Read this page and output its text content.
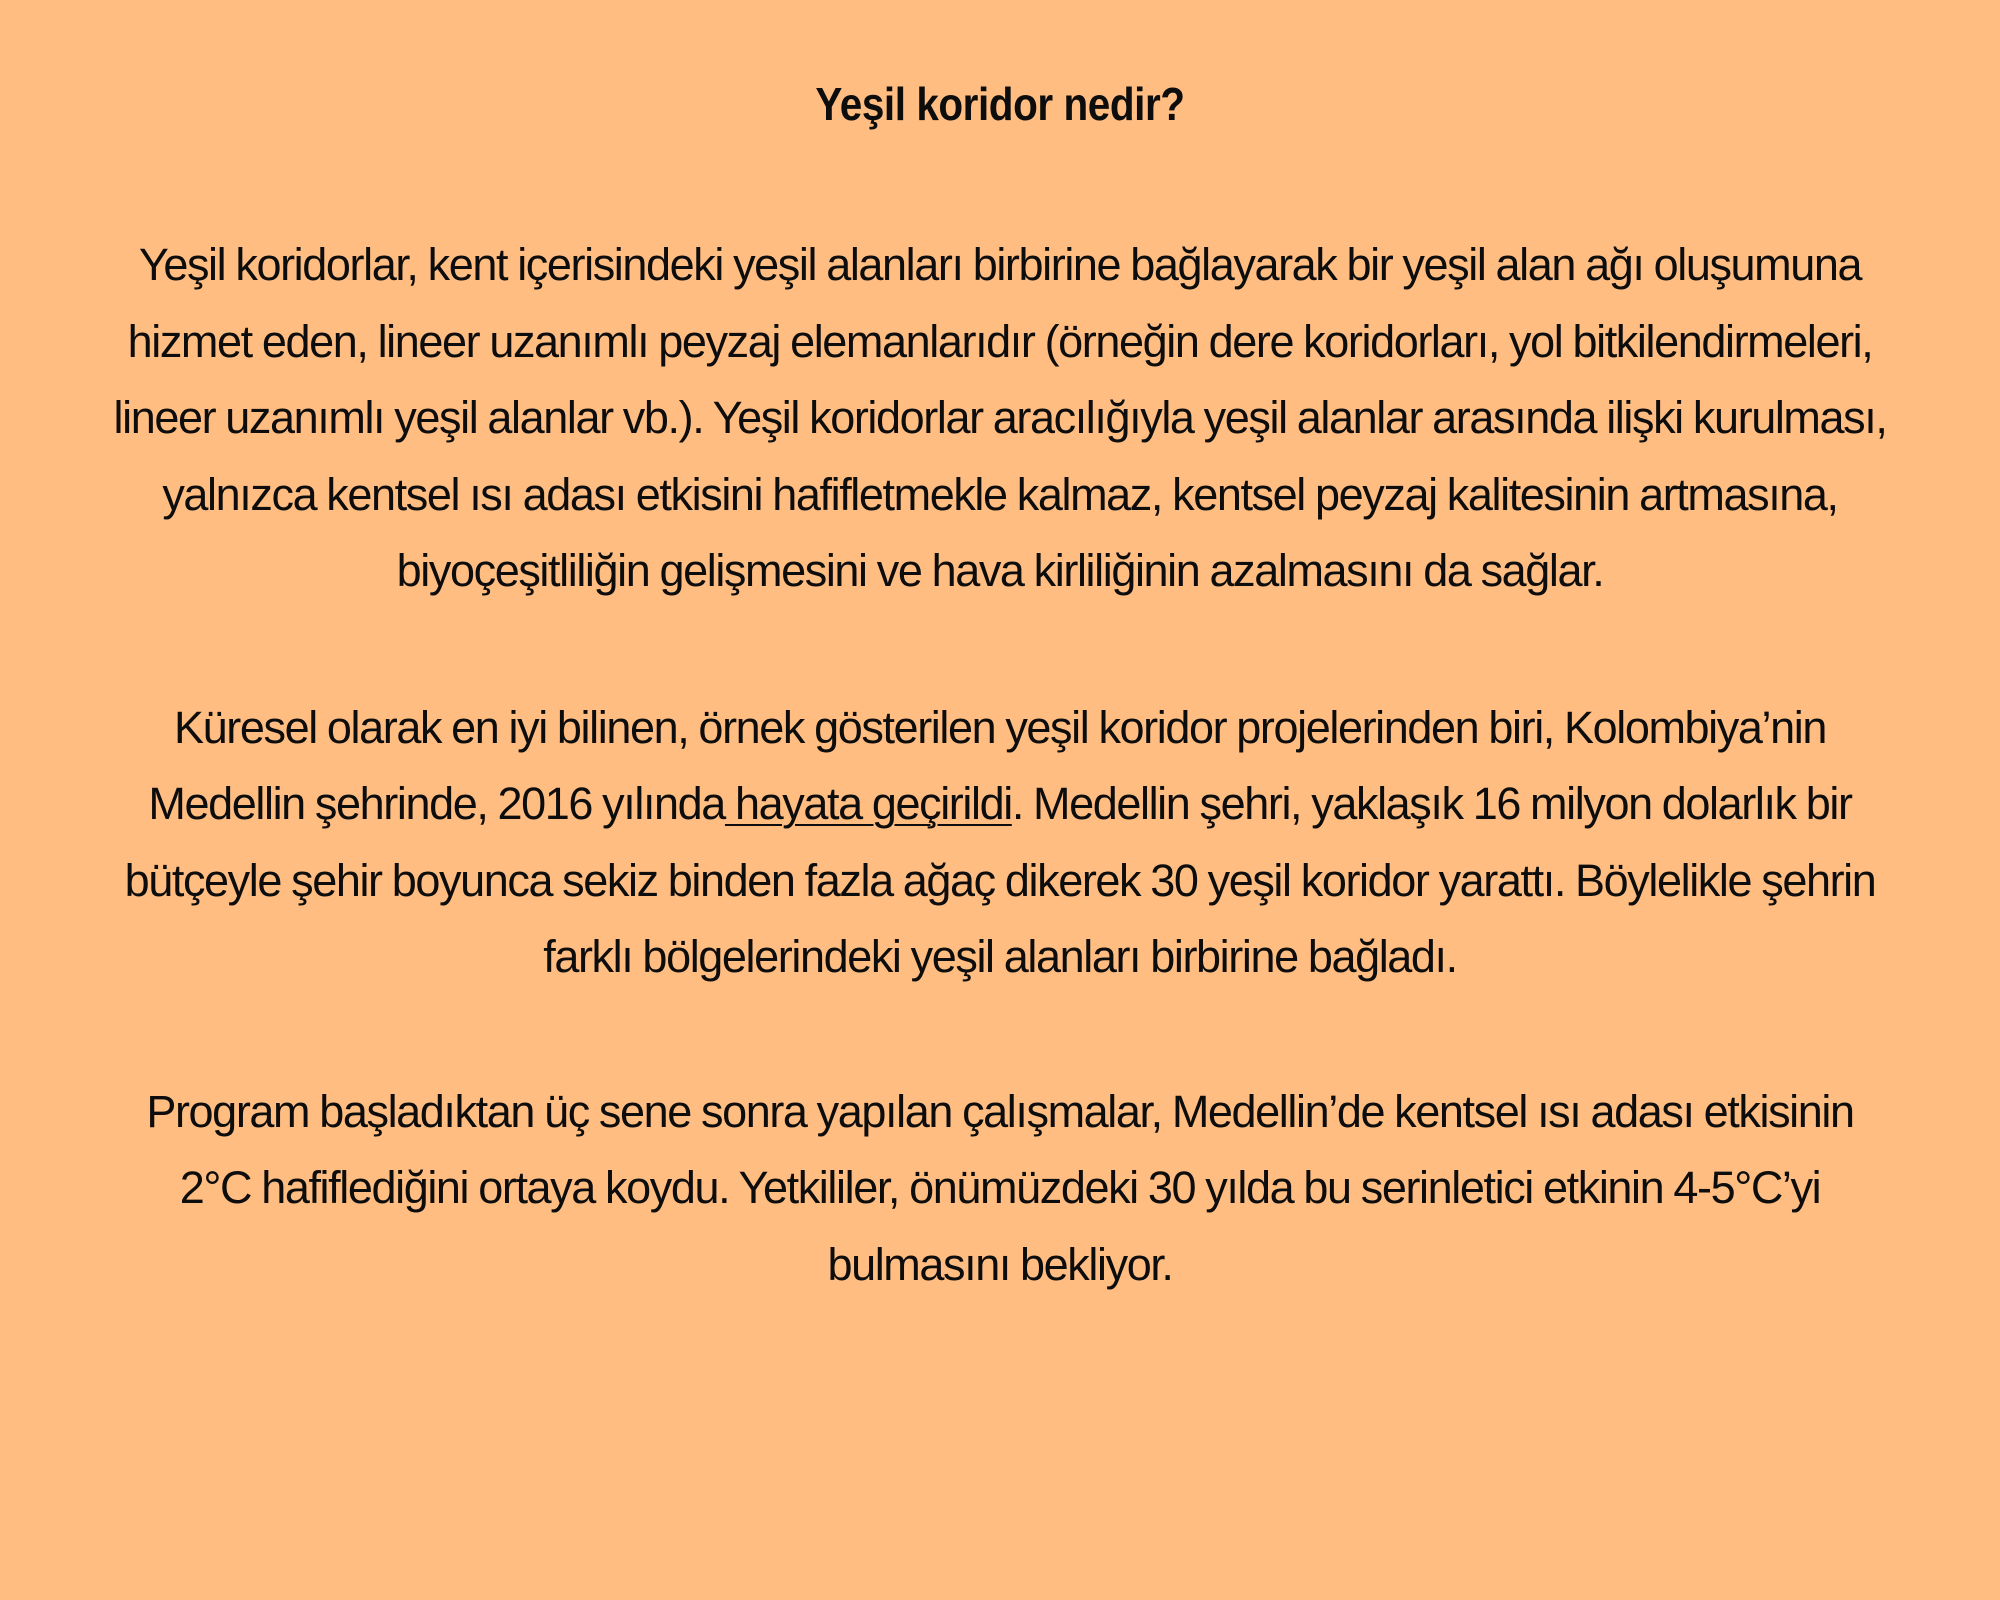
Yeşil koridor nedir?

Yeşil koridorlar, kent içerisindeki yeşil alanları birbirine bağlayarak bir yeşil alan ağı oluşumuna hizmet eden, lineer uzanımlı peyzaj elemanlarıdır (örneğin dere koridorları, yol bitkilendirmeleri, lineer uzanımlı yeşil alanlar vb.). Yeşil koridorlar aracılığıyla yeşil alanlar arasında ilişki kurulması, yalnızca kentsel ısı adası etkisini hafifletmekle kalmaz, kentsel peyzaj kalitesinin artmasına, biyoçeşitliliğin gelişmesini ve hava kirliliğinin azalmasını da sağlar.

Küresel olarak en iyi bilinen, örnek gösterilen yeşil koridor projelerinden biri, Kolombiya’nin Medellin şehrinde, 2016 yılında hayata geçirildi. Medellin şehri, yaklaşık 16 milyon dolarlık bir bütçeyle şehir boyunca sekiz binden fazla ağaç dikerek 30 yeşil koridor yarattı. Böylelikle şehrin farklı bölgelerindeki yeşil alanları birbirine bağladı.

Program başladıktan üç sene sonra yapılan çalışmalar, Medellin’de kentsel ısı adası etkisinin 2°C hafiflediğini ortaya koydu. Yetkililer, önümüzdeki 30 yılda bu serinletici etkinin 4-5°C’yi bulmasını bekliyor.
